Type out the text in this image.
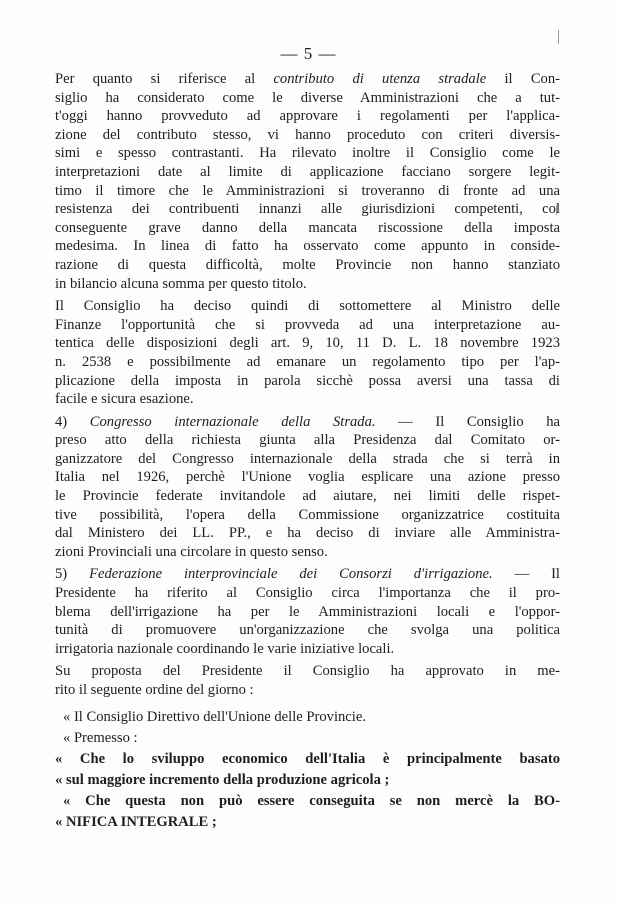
— 5 —
Per quanto si riferisce al contributo di utenza stradale il Con-
siglio ha considerato come le diverse Amministrazioni che a tut-
t'oggi hanno provveduto ad approvare i regolamenti per l'applica-
zione del contributo stesso, vi hanno proceduto con criteri diversis-
simi e spesso contrastanti. Ha rilevato inoltre il Consiglio come le
interpretazioni date al limite di applicazione facciano sorgere legit-
timo il timore che le Amministrazioni si troveranno di fronte ad una
resistenza dei contribuenti innanzi alle giurisdizioni competenti, col
conseguente grave danno della mancata riscossione della imposta
medesima. In linea di fatto ha osservato come appunto in conside-
razione di questa difficoltà, molte Provincie non hanno stanziato
in bilancio alcuna somma per questo titolo.
Il Consiglio ha deciso quindi di sottomettere al Ministro delle
Finanze l'opportunità che si provveda ad una interpretazione au-
tentica delle disposizioni degli art. 9, 10, 11 D. L. 18 novembre 1923
n. 2538 e possibilmente ad emanare un regolamento tipo per l'ap-
plicazione della imposta in parola sicchè possa aversi una tassa di
facile e sicura esazione.
4) Congresso internazionale della Strada. — Il Consiglio ha
preso atto della richiesta giunta alla Presidenza dal Comitato or-
ganizzatore del Congresso internazionale della strada che si terrà in
Italia nel 1926, perchè l'Unione voglia esplicare una azione presso
le Provincie federate invitandole ad aiutare, nei limiti delle rispet-
tive possibilità, l'opera della Commissione organizzatrice costituita
dal Ministero dei LL. PP., e ha deciso di inviare alle Amministra-
zioni Provinciali una circolare in questo senso.
5) Federazione interprovinciale dei Consorzi d'irrigazione. — Il
Presidente ha riferito al Consiglio circa l'importanza che il pro-
blema dell'irrigazione ha per le Amministrazioni locali e l'oppor-
tunità di promuovere un'organizzazione che svolga una politica
irrigatoria nazionale coordinando le varie iniziative locali.
Su proposta del Presidente il Consiglio ha approvato in me-
rito il seguente ordine del giorno :
« Il Consiglio Direttivo dell'Unione delle Provincie.
« Premesso :
« Che lo sviluppo economico dell'Italia è principalmente basato
« sul maggiore incremento della produzione agricola ;
« Che questa non può essere conseguita se non mercè la BO-
« NIFICA INTEGRALE ;
